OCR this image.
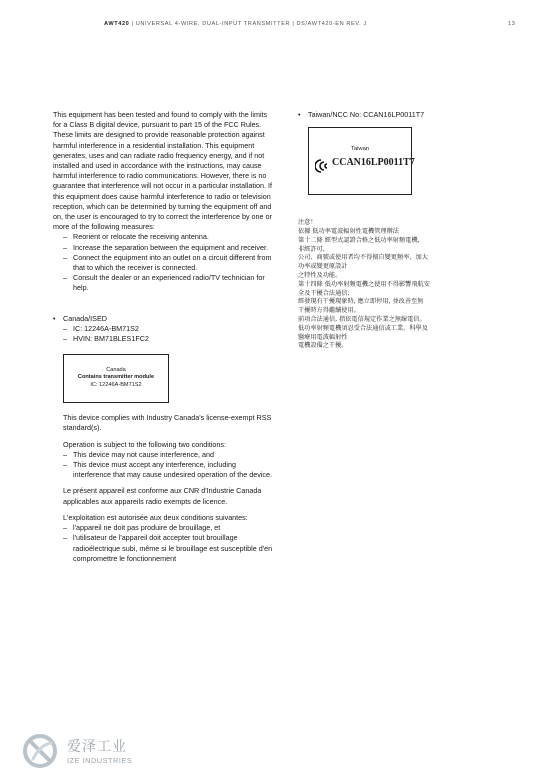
AWT420 | UNIVERSAL 4-WIRE, DUAL-INPUT TRANSMITTER | DS/AWT420-EN REV. J	13

This equipment has been tested and found to comply with the limits for a Class B digital device, pursuant to part 15 of the FCC Rules. These limits are designed to provide reasonable protection against harmful interference in a residential installation. This equipment generates, uses and can radiate radio frequency energy, and if not installed and used in accordance with the instructions, may cause harmful interference to radio communications. However, there is no guarantee that interference will not occur in a particular installation. If this equipment does cause harmful interference to radio or television reception, which can be determined by turning the equipment off and on, the user is encouraged to try to correct the interference by one or more of the following measures:

– Reorient or relocate the receiving antenna.
– Increase the separation between the equipment and receiver.
– Connect the equipment into an outlet on a circuit different from that to which the receiver is connected.
– Consult the dealer or an experienced radio/TV technician for help.
• Canada/ISED
– IC: 12246A-BM71S2
– HVIN: BM71BLES1FC2
Canada
Contains transmitter module
IC: 12246A-BM71S2

This device complies with Industry Canada's license-exempt RSS standard(s).

Operation is subject to the following two conditions:

– This device may not cause interference, and
– This device must accept any interference, including interference that may cause undesired operation of the device.

Le présent appareil est conforme aux CNR d'Industrie Canada applicables aux appareils radio exempts de licence.

L'exploitation est autorisée aux deux conditions suivantes:

– l'appareil ne doit pas produire de brouillage, et
– l'utilisateur de l'appareil doit accepter tout brouillage radioélectrique subi, même si le brouillage est susceptible d'en compromettre le fonctionnement
• Taiwan/NCC No: CCAN16LP0011T7
Taiwan
CCAN16LP0011T7
注意！
依據 低功率電波輻射性電機管理辦法
第十二條 經型式認證合格之低功率射頻電機,
非經許可,
公司、商號或使用者均不得擅自變更頻率、加大
功率或變更原設計
之特性及功能。
第十四條 低功率射頻電機之使用不得影響飛航安
全及干擾合法通信;
經發現有干擾現象時, 應立即停用, 並改善至無
干擾時方得繼續使用。
前項合法通信, 指依電信規定作業之無線電信。
低功率射頻電機須忍受合法通信或工業、科學及
醫療用電波輻射性
電機設備之干擾。
爱泽工业
IZE INDUSTRIES
